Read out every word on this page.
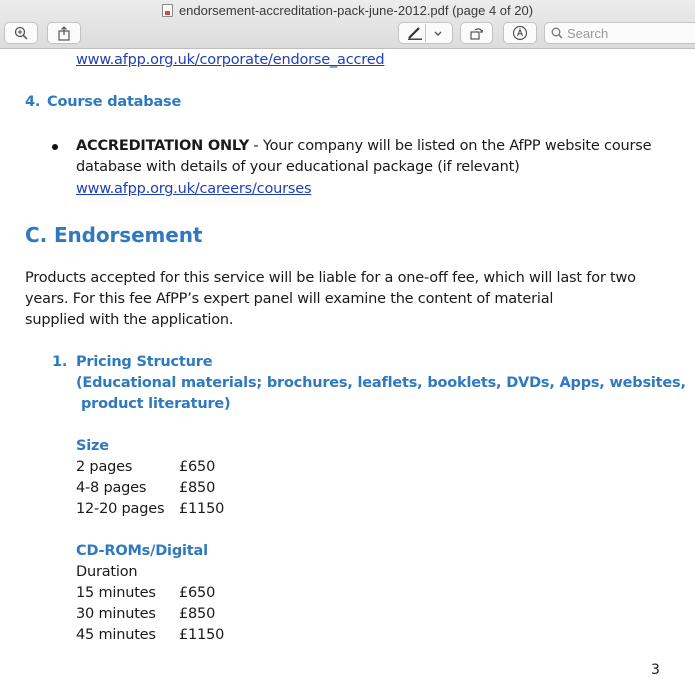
endorsement-accreditation-pack-june-2012.pdf (page 4 of 20)
Search
www.afpp.org.uk/corporate/endorse_accred
4. Course database
ACCREDITATION ONLY - Your company will be listed on the AfPP website course
database with details of your educational package (if relevant)
www.afpp.org.uk/careers/courses
C. Endorsement
Products accepted for this service will be liable for a one-off fee, which will last for two
years. For this fee AfPP’s expert panel will examine the content of material
supplied with the application.
1. Pricing Structure
(Educational materials; brochures, leaflets, booklets, DVDs, Apps, websites,
product literature)
Size
2 pages	£650
4-8 pages	£850
12-20 pages	£1150
CD-ROMs/Digital
Duration
15 minutes	£650
30 minutes	£850
45 minutes	£1150
3
